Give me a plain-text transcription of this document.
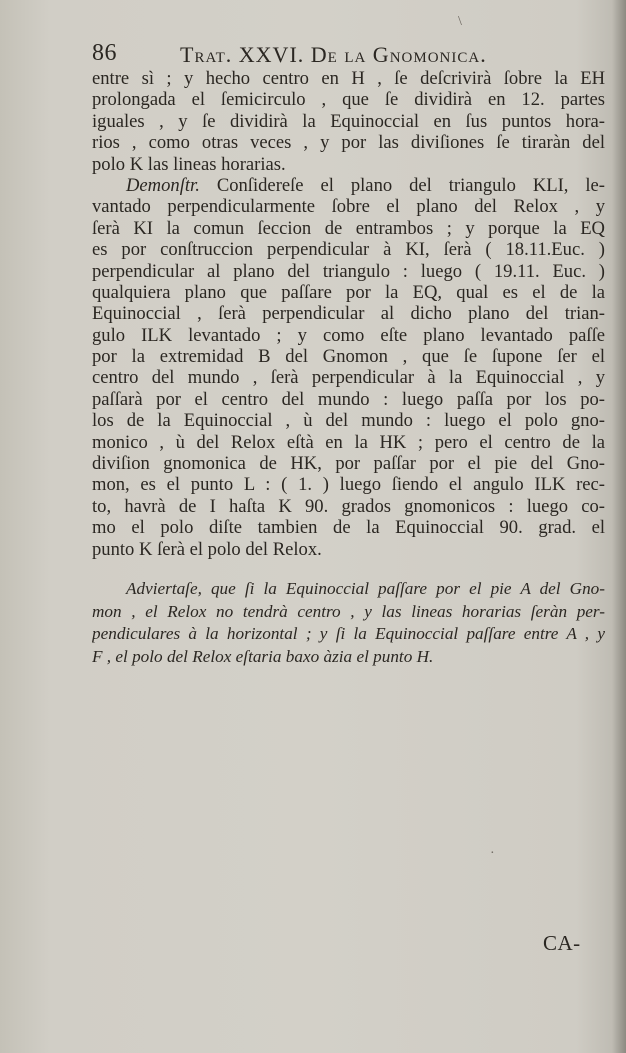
\
86	Trat. XXVI. De la Gnomonica.
entre sì ; y hecho centro en H , ſe deſcrivirà ſobre la EH
prolongada el ſemicirculo , que ſe dividirà en 12. partes
iguales , y ſe dividirà la Equinoccial en ſus puntos hora-
rios , como otras veces , y por las diviſiones ſe tiraràn del
polo K las lineas horarias.
Demonſtr. Conſidereſe el plano del triangulo KLI, le-
vantado perpendicularmente ſobre el plano del Relox , y
ſerà KI la comun ſeccion de entrambos ; y porque la EQ
es por conſtruccion perpendicular à KI, ſerà ( 18.11.Euc. )
perpendicular al plano del triangulo : luego ( 19.11. Euc. )
qualquiera plano que paſſare por la EQ, qual es el de la
Equinoccial , ſerà perpendicular al dicho plano del trian-
gulo ILK levantado ; y como eſte plano levantado paſſe
por la extremidad B del Gnomon , que ſe ſupone ſer el
centro del mundo , ſerà perpendicular à la Equinoccial , y
paſſarà por el centro del mundo : luego paſſa por los po-
los de la Equinoccial , ù del mundo : luego el polo gno-
monico , ù del Relox eſtà en la HK ; pero el centro de la
diviſion gnomonica de HK, por paſſar por el pie del Gno-
mon, es el punto L : ( 1. ) luego ſiendo el angulo ILK rec-
to, havrà de I haſta K 90. grados gnomonicos : luego co-
mo el polo diſte tambien de la Equinoccial 90. grad. el
punto K ſerà el polo del Relox.
Adviertaſe, que ſi la Equinoccial paſſare por el pie A del Gno-
mon , el Relox no tendrà centro , y las lineas horarias ſeràn per-
pendiculares à la horizontal ; y ſi la Equinoccial paſſare entre A , y
F , el polo del Relox eſtaria baxo àzia el punto H.
·
CA-
